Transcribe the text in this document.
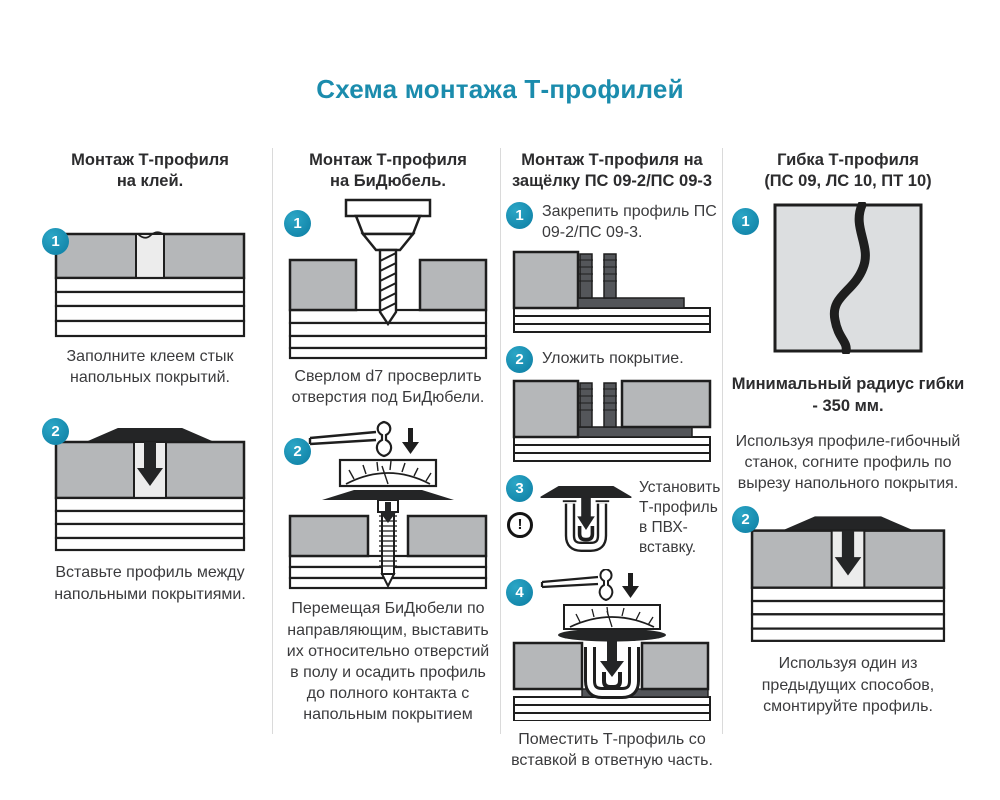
Схема монтажа Т-профилей
Монтаж Т-профиля
на клей.
1

Заполните клеем стык напольных покрытий.

2

Вставьте профиль между напольными покрытиями.

Монтаж Т-профиля
на БиДюбель.
1

Сверлом d7 просверлить отверстия под БиДюбели.

2

Перемещая БиДюбели по направляющим, выставить их относительно отверстий в полу и осадить профиль до полного контакта с напольным покрытием

Монтаж Т-профиля на
защёлку ПС 09-2/ПС 09-3
1	Закрепить профиль ПС 09-2/ПС 09-3.

2	Уложить покрытие.

3
!

Установить Т-профиль в ПВХ-вставку.

4

Поместить Т-профиль со вставкой в ответную часть.

Гибка Т-профиля
(ПС 09, ЛС 10, ПТ 10)
1

Минимальный радиус гибки - 350 мм.

Используя профиле-гибочный станок, согните профиль по вырезу напольного покрытия.

2

Используя один из предыдущих способов, смонтируйте профиль.
